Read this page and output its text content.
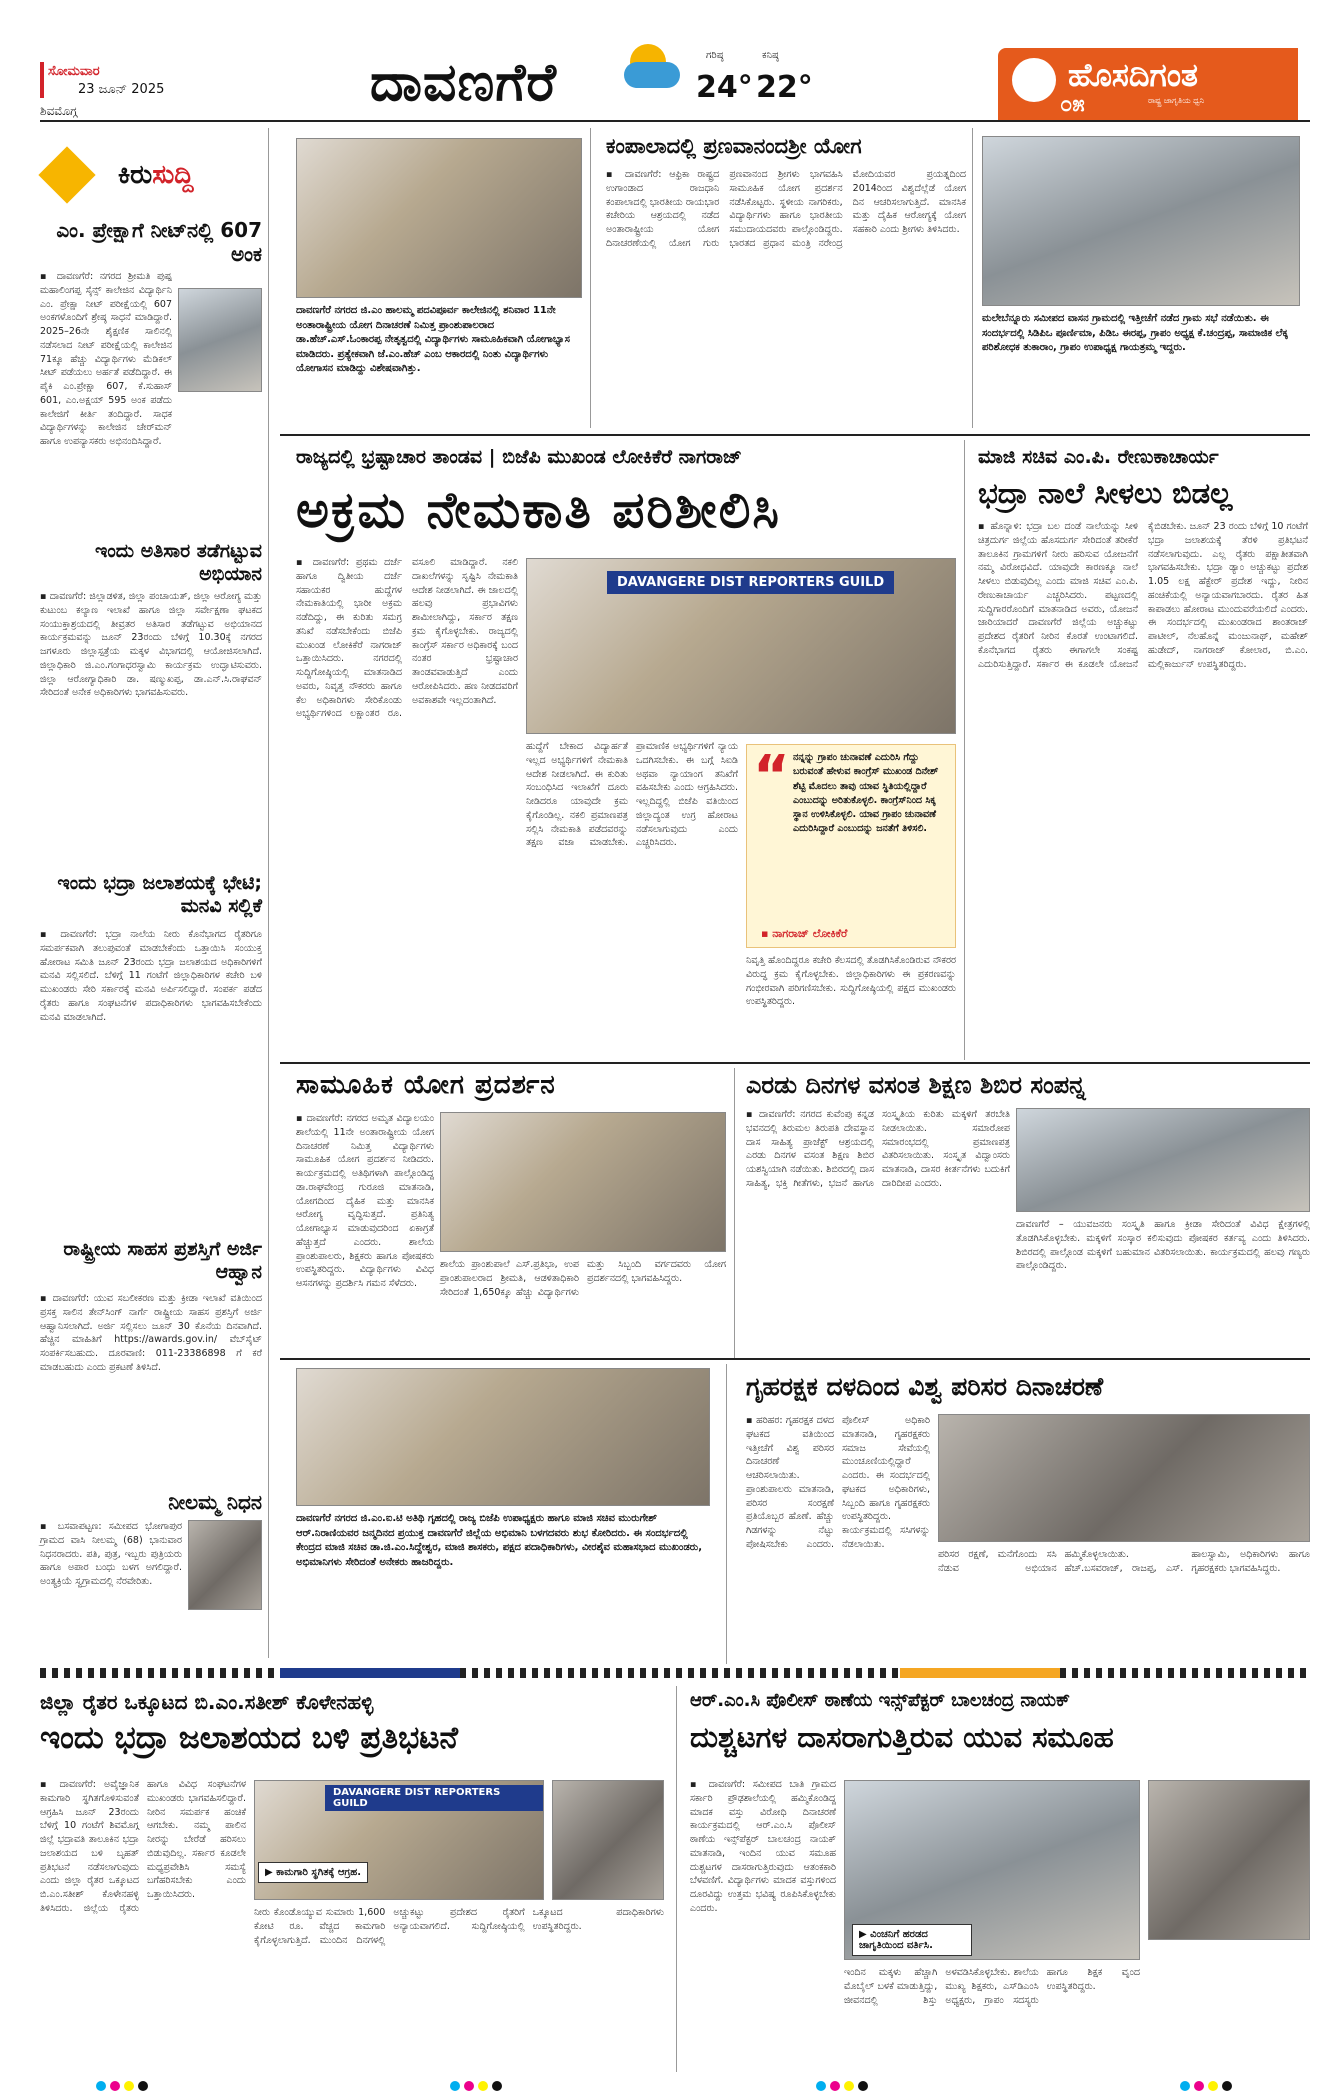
ಸೋಮವಾರ
23 ಜೂನ್ 2025
ಶಿವಮೊಗ್ಗ	ದಾವಣಗೆರೆ	ಗರಿಷ್ಠ
24°
ಕನಿಷ್ಠ
22°	ಹೊಸದಿಗಂತ
೦೫	ರಾಷ್ಟ್ರ ಜಾಗೃತಿಯ ಧ್ವನಿ
ಕಿರುಸುದ್ದಿ
ಎಂ. ಪ್ರೇಕ್ಷಾಗೆ ನೀಟ್‌ನಲ್ಲಿ 607 ಅಂಕ
▪ ದಾವಣಗೆರೆ: ನಗರದ ಶ್ರೀಮತಿ ಪುಷ್ಪ ಮಹಾಲಿಂಗಪ್ಪ ಸೈನ್ಸ್ ಕಾಲೇಜಿನ ವಿದ್ಯಾರ್ಥಿನಿ ಎಂ. ಪ್ರೇಕ್ಷಾ ನೀಟ್ ಪರೀಕ್ಷೆಯಲ್ಲಿ 607 ಅಂಕಗಳೊಂದಿಗೆ ಶ್ರೇಷ್ಠ ಸಾಧನೆ ಮಾಡಿದ್ದಾರೆ. 2025–26ನೇ ಶೈಕ್ಷಣಿಕ ಸಾಲಿನಲ್ಲಿ ನಡೆಸಲಾದ ನೀಟ್ ಪರೀಕ್ಷೆಯಲ್ಲಿ ಕಾಲೇಜಿನ 71ಕ್ಕೂ ಹೆಚ್ಚು ವಿದ್ಯಾರ್ಥಿಗಳು ಮೆಡಿಕಲ್ ಸೀಟ್ ಪಡೆಯಲು ಅರ್ಹತೆ ಪಡೆದಿದ್ದಾರೆ. ಈ ಪೈಕಿ ಎಂ.ಪ್ರೇಕ್ಷಾ 607, ಕೆ.ಸುಹಾಸ್ 601, ಎಂ.ಅಕ್ಷಯ್ 595 ಅಂಕ ಪಡೆದು ಕಾಲೇಜಿಗೆ ಕೀರ್ತಿ ತಂದಿದ್ದಾರೆ. ಸಾಧಕ ವಿದ್ಯಾರ್ಥಿಗಳನ್ನು ಕಾಲೇಜಿನ ಚೇರ್‌ಮನ್ ಹಾಗೂ ಉಪನ್ಯಾಸಕರು ಅಭಿನಂದಿಸಿದ್ದಾರೆ.
ಇಂದು ಅತಿಸಾರ ತಡೆಗಟ್ಟುವ ಅಭಿಯಾನ
▪ ದಾವಣಗೆರೆ: ಜಿಲ್ಲಾಡಳಿತ, ಜಿಲ್ಲಾ ಪಂಚಾಯತ್, ಜಿಲ್ಲಾ ಆರೋಗ್ಯ ಮತ್ತು ಕುಟುಂಬ ಕಲ್ಯಾಣ ಇಲಾಖೆ ಹಾಗೂ ಜಿಲ್ಲಾ ಸರ್ವೇಕ್ಷಣಾ ಘಟಕದ ಸಂಯುಕ್ತಾಶ್ರಯದಲ್ಲಿ ತೀವ್ರತರ ಅತಿಸಾರ ತಡೆಗಟ್ಟುವ ಅಭಿಯಾನದ ಕಾರ್ಯಕ್ರಮವನ್ನು ಜೂನ್ 23ರಂದು ಬೆಳಿಗ್ಗೆ 10.30ಕ್ಕೆ ನಗರದ ಜಗಳೂರು ಜಿಲ್ಲಾಸ್ಪತ್ರೆಯ ಮಕ್ಕಳ ವಿಭಾಗದಲ್ಲಿ ಆಯೋಜಿಸಲಾಗಿದೆ. ಜಿಲ್ಲಾಧಿಕಾರಿ ಜಿ.ಎಂ.ಗಂಗಾಧರಸ್ವಾಮಿ ಕಾರ್ಯಕ್ರಮ ಉದ್ಘಾಟಿಸುವರು. ಜಿಲ್ಲಾ ಆರೋಗ್ಯಾಧಿಕಾರಿ ಡಾ. ಷಣ್ಮುಖಪ್ಪ, ಡಾ.ಎನ್.ಸಿ.ರಾಘವನ್ ಸೇರಿದಂತೆ ಅನೇಕ ಅಧಿಕಾರಿಗಳು ಭಾಗವಹಿಸುವರು.
ಇಂದು ಭದ್ರಾ ಜಲಾಶಯಕ್ಕೆ ಭೇಟಿ; ಮನವಿ ಸಲ್ಲಿಕೆ
▪ ದಾವಣಗೆರೆ: ಭದ್ರಾ ನಾಲೆಯ ನೀರು ಕೊನೆಭಾಗದ ರೈತರಿಗೂ ಸಮರ್ಪಕವಾಗಿ ತಲುಪುವಂತೆ ಮಾಡಬೇಕೆಂದು ಒತ್ತಾಯಿಸಿ ಸಂಯುಕ್ತ ಹೋರಾಟ ಸಮಿತಿ ಜೂನ್ 23ರಂದು ಭದ್ರಾ ಜಲಾಶಯದ ಅಧಿಕಾರಿಗಳಿಗೆ ಮನವಿ ಸಲ್ಲಿಸಲಿದೆ. ಬೆಳಿಗ್ಗೆ 11 ಗಂಟೆಗೆ ಜಿಲ್ಲಾಧಿಕಾರಿಗಳ ಕಚೇರಿ ಬಳಿ ಮುಖಂಡರು ಸೇರಿ ಸರ್ಕಾರಕ್ಕೆ ಮನವಿ ಅರ್ಪಿಸಲಿದ್ದಾರೆ. ಸಂಪರ್ಕ ಪಡೆದ ರೈತರು ಹಾಗೂ ಸಂಘಟನೆಗಳ ಪದಾಧಿಕಾರಿಗಳು ಭಾಗವಹಿಸಬೇಕೆಂದು ಮನವಿ ಮಾಡಲಾಗಿದೆ.
ರಾಷ್ಟ್ರೀಯ ಸಾಹಸ ಪ್ರಶಸ್ತಿಗೆ ಅರ್ಜಿ ಆಹ್ವಾನ
▪ ದಾವಣಗೆರೆ: ಯುವ ಸಬಲೀಕರಣ ಮತ್ತು ಕ್ರೀಡಾ ಇಲಾಖೆ ವತಿಯಿಂದ ಪ್ರಸಕ್ತ ಸಾಲಿನ ತೇನ್‌ಸಿಂಗ್ ನಾರ್ಗೆ ರಾಷ್ಟ್ರೀಯ ಸಾಹಸ ಪ್ರಶಸ್ತಿಗೆ ಅರ್ಜಿ ಆಹ್ವಾನಿಸಲಾಗಿದೆ. ಅರ್ಜಿ ಸಲ್ಲಿಸಲು ಜೂನ್ 30 ಕೊನೆಯ ದಿನವಾಗಿದೆ. ಹೆಚ್ಚಿನ ಮಾಹಿತಿಗೆ https://awards.gov.in/ ವೆಬ್‌ಸೈಟ್ ಸಂಪರ್ಕಿಸಬಹುದು. ದೂರವಾಣಿ: 011-23386898 ಗೆ ಕರೆ ಮಾಡಬಹುದು ಎಂದು ಪ್ರಕಟಣೆ ತಿಳಿಸಿದೆ.
ನೀಲಮ್ಮ ನಿಧನ
▪ ಬಸವಾಪಟ್ಟಣ: ಸಮೀಪದ ಭೋಗಾಪುರ ಗ್ರಾಮದ ವಾಸಿ ನೀಲಮ್ಮ (68) ಭಾನುವಾರ ನಿಧನರಾದರು. ಪತಿ, ಪುತ್ರ, ಇಬ್ಬರು ಪುತ್ರಿಯರು ಹಾಗೂ ಅಪಾರ ಬಂಧು ಬಳಗ ಅಗಲಿದ್ದಾರೆ. ಅಂತ್ಯಕ್ರಿಯೆ ಸ್ವಗ್ರಾಮದಲ್ಲಿ ನೆರವೇರಿತು.
ದಾವಣಗೆರೆ ನಗರದ ಜಿ.ಎಂ ಹಾಲಮ್ಮ ಪದವಿಪೂರ್ವ ಕಾಲೇಜಿನಲ್ಲಿ ಶನಿವಾರ 11ನೇ ಅಂತಾರಾಷ್ಟ್ರೀಯ ಯೋಗ ದಿನಾಚರಣೆ ನಿಮಿತ್ತ ಪ್ರಾಂಶುಪಾಲರಾದ ಡಾ.ಹೆಚ್.ಎಸ್.ಓಂಕಾರಪ್ಪ ನೇತೃತ್ವದಲ್ಲಿ ವಿದ್ಯಾರ್ಥಿಗಳು ಸಾಮೂಹಿಕವಾಗಿ ಯೋಗಾಭ್ಯಾಸ ಮಾಡಿದರು. ಪ್ರತ್ಯೇಕವಾಗಿ ಜೆ.ಎಂ.ಹೆಚ್ ಎಂಬ ಆಕಾರದಲ್ಲಿ ನಿಂತು ವಿದ್ಯಾರ್ಥಿಗಳು ಯೋಗಾಸನ ಮಾಡಿದ್ದು ವಿಶೇಷವಾಗಿತ್ತು.
ಕಂಪಾಲಾದಲ್ಲಿ ಪ್ರಣವಾನಂದಶ್ರೀ ಯೋಗ
▪ ದಾವಣಗೆರೆ: ಆಫ್ರಿಕಾ ರಾಷ್ಟ್ರದ ಉಗಾಂಡಾದ ರಾಜಧಾನಿ ಕಂಪಾಲಾದಲ್ಲಿ ಭಾರತೀಯ ರಾಯಭಾರ ಕಚೇರಿಯ ಆಶ್ರಯದಲ್ಲಿ ನಡೆದ ಅಂತಾರಾಷ್ಟ್ರೀಯ ಯೋಗ ದಿನಾಚರಣೆಯಲ್ಲಿ ಯೋಗ ಗುರು ಪ್ರಣವಾನಂದ ಶ್ರೀಗಳು ಭಾಗವಹಿಸಿ ಸಾಮೂಹಿಕ ಯೋಗ ಪ್ರದರ್ಶನ ನಡೆಸಿಕೊಟ್ಟರು. ಸ್ಥಳೀಯ ನಾಗರಿಕರು, ವಿದ್ಯಾರ್ಥಿಗಳು ಹಾಗೂ ಭಾರತೀಯ ಸಮುದಾಯದವರು ಪಾಲ್ಗೊಂಡಿದ್ದರು. ಭಾರತದ ಪ್ರಧಾನ ಮಂತ್ರಿ ನರೇಂದ್ರ ಮೋದಿಯವರ ಪ್ರಯತ್ನದಿಂದ 2014ರಿಂದ ವಿಶ್ವದೆಲ್ಲೆಡೆ ಯೋಗ ದಿನ ಆಚರಿಸಲಾಗುತ್ತಿದೆ. ಮಾನಸಿಕ ಮತ್ತು ದೈಹಿಕ ಆರೋಗ್ಯಕ್ಕೆ ಯೋಗ ಸಹಕಾರಿ ಎಂದು ಶ್ರೀಗಳು ತಿಳಿಸಿದರು.
ಮಲೇಬೆನ್ನೂರು ಸಮೀಪದ ವಾಸನ ಗ್ರಾಮದಲ್ಲಿ ಇತ್ತೀಚೆಗೆ ನಡೆದ ಗ್ರಾಮ ಸಭೆ ನಡೆಯಿತು. ಈ ಸಂದರ್ಭದಲ್ಲಿ ಸಿಡಿಪಿಒ ಪೂರ್ಣಿಮಾ, ಪಿಡಿಒ ಈರಪ್ಪ, ಗ್ರಾಪಂ ಅಧ್ಯಕ್ಷ ಕೆ.ಚಂದ್ರಪ್ಪ, ಸಾಮಾಜಿಕ ಲೆಕ್ಕ ಪರಿಶೋಧಕ ತುಕಾರಾಂ, ಗ್ರಾಪಂ ಉಪಾಧ್ಯಕ್ಷ ಗಾಯತ್ರಮ್ಮ ಇದ್ದರು.
ರಾಜ್ಯದಲ್ಲಿ ಭ್ರಷ್ಟಾಚಾರ ತಾಂಡವ | ಬಿಜೆಪಿ ಮುಖಂಡ ಲೋಕಿಕೆರೆ ನಾಗರಾಜ್
ಅಕ್ರಮ ನೇಮಕಾತಿ ಪರಿಶೀಲಿಸಿ
▪ ದಾವಣಗೆರೆ: ಪ್ರಥಮ ದರ್ಜೆ ಹಾಗೂ ದ್ವಿತೀಯ ದರ್ಜೆ ಸಹಾಯಕರ ಹುದ್ದೆಗಳ ನೇಮಕಾತಿಯಲ್ಲಿ ಭಾರೀ ಅಕ್ರಮ ನಡೆದಿದ್ದು, ಈ ಕುರಿತು ಸಮಗ್ರ ತನಿಖೆ ನಡೆಸಬೇಕೆಂದು ಬಿಜೆಪಿ ಮುಖಂಡ ಲೋಕಿಕೆರೆ ನಾಗರಾಜ್ ಒತ್ತಾಯಿಸಿದರು. ನಗರದಲ್ಲಿ ಸುದ್ದಿಗೋಷ್ಠಿಯಲ್ಲಿ ಮಾತನಾಡಿದ ಅವರು, ನಿವೃತ್ತ ನೌಕರರು ಹಾಗೂ ಕೆಲ ಅಧಿಕಾರಿಗಳು ಸೇರಿಕೊಂಡು ಅಭ್ಯರ್ಥಿಗಳಿಂದ ಲಕ್ಷಾಂತರ ರೂ. ವಸೂಲಿ ಮಾಡಿದ್ದಾರೆ. ನಕಲಿ ದಾಖಲೆಗಳನ್ನು ಸೃಷ್ಟಿಸಿ ನೇಮಕಾತಿ ಆದೇಶ ನೀಡಲಾಗಿದೆ. ಈ ಜಾಲದಲ್ಲಿ ಹಲವು ಪ್ರಭಾವಿಗಳು ಶಾಮೀಲಾಗಿದ್ದು, ಸರ್ಕಾರ ತಕ್ಷಣ ಕ್ರಮ ಕೈಗೊಳ್ಳಬೇಕು. ರಾಜ್ಯದಲ್ಲಿ ಕಾಂಗ್ರೆಸ್ ಸರ್ಕಾರ ಅಧಿಕಾರಕ್ಕೆ ಬಂದ ನಂತರ ಭ್ರಷ್ಟಾಚಾರ ತಾಂಡವವಾಡುತ್ತಿದೆ ಎಂದು ಆರೋಪಿಸಿದರು. ಹಣ ನೀಡದವರಿಗೆ ಅವಕಾಶವೇ ಇಲ್ಲದಂತಾಗಿದೆ.
DAVANGERE DIST REPORTERS GUILD
ಹುದ್ದೆಗೆ ಬೇಕಾದ ವಿದ್ಯಾರ್ಹತೆ ಇಲ್ಲದ ಅಭ್ಯರ್ಥಿಗಳಿಗೆ ನೇಮಕಾತಿ ಆದೇಶ ನೀಡಲಾಗಿದೆ. ಈ ಕುರಿತು ಸಂಬಂಧಿಸಿದ ಇಲಾಖೆಗೆ ದೂರು ನೀಡಿದರೂ ಯಾವುದೇ ಕ್ರಮ ಕೈಗೊಂಡಿಲ್ಲ. ನಕಲಿ ಪ್ರಮಾಣಪತ್ರ ಸಲ್ಲಿಸಿ ನೇಮಕಾತಿ ಪಡೆದವರನ್ನು ತಕ್ಷಣ ವಜಾ ಮಾಡಬೇಕು. ಪ್ರಾಮಾಣಿಕ ಅಭ್ಯರ್ಥಿಗಳಿಗೆ ನ್ಯಾಯ ಒದಗಿಸಬೇಕು. ಈ ಬಗ್ಗೆ ಸಿಐಡಿ ಅಥವಾ ನ್ಯಾಯಾಂಗ ತನಿಖೆಗೆ ವಹಿಸಬೇಕು ಎಂದು ಆಗ್ರಹಿಸಿದರು. ಇಲ್ಲದಿದ್ದಲ್ಲಿ ಬಿಜೆಪಿ ವತಿಯಿಂದ ಜಿಲ್ಲಾದ್ಯಂತ ಉಗ್ರ ಹೋರಾಟ ನಡೆಸಲಾಗುವುದು ಎಂದು ಎಚ್ಚರಿಸಿದರು.
“ ನನ್ನನ್ನು ಗ್ರಾಪಂ ಚುನಾವಣೆ ಎದುರಿಸಿ ಗೆದ್ದು ಬರುವಂತೆ ಹೇಳುವ ಕಾಂಗ್ರೆಸ್ ಮುಖಂಡ ದಿನೇಶ್ ಶೆಟ್ಟಿ ಮೊದಲು ತಾವು ಯಾವ ಸ್ಥಿತಿಯಲ್ಲಿದ್ದಾರೆ ಎಂಬುದನ್ನು ಅರಿತುಕೊಳ್ಳಲಿ. ಕಾಂಗ್ರೆಸ್‌ನಿಂದ ಸಿಕ್ಕ ಸ್ಥಾನ ಉಳಿಸಿಕೊಳ್ಳಲಿ. ಯಾವ ಗ್ರಾಪಂ ಚುನಾವಣೆ ಎದುರಿಸಿದ್ದಾರೆ ಎಂಬುದನ್ನು ಜನತೆಗೆ ತಿಳಿಸಲಿ.
▪ ನಾಗರಾಜ್ ಲೋಕಿಕೆರೆ
ನಿವೃತ್ತಿ ಹೊಂದಿದ್ದರೂ ಕಚೇರಿ ಕೆಲಸದಲ್ಲಿ ತೊಡಗಿಸಿಕೊಂಡಿರುವ ನೌಕರರ ವಿರುದ್ಧ ಕ್ರಮ ಕೈಗೊಳ್ಳಬೇಕು. ಜಿಲ್ಲಾಧಿಕಾರಿಗಳು ಈ ಪ್ರಕರಣವನ್ನು ಗಂಭೀರವಾಗಿ ಪರಿಗಣಿಸಬೇಕು. ಸುದ್ದಿಗೋಷ್ಠಿಯಲ್ಲಿ ಪಕ್ಷದ ಮುಖಂಡರು ಉಪಸ್ಥಿತರಿದ್ದರು.
ಮಾಜಿ ಸಚಿವ ಎಂ.ಪಿ. ರೇಣುಕಾಚಾರ್ಯ
ಭದ್ರಾ ನಾಲೆ ಸೀಳಲು ಬಿಡಲ್ಲ
▪ ಹೊನ್ನಾಳಿ: ಭದ್ರಾ ಬಲ ದಂಡೆ ನಾಲೆಯನ್ನು ಸೀಳಿ ಚಿತ್ರದುರ್ಗ ಜಿಲ್ಲೆಯ ಹೊಸದುರ್ಗ ಸೇರಿದಂತೆ ತರೀಕೆರೆ ತಾಲೂಕಿನ ಗ್ರಾಮಗಳಿಗೆ ನೀರು ಹರಿಸುವ ಯೋಜನೆಗೆ ನಮ್ಮ ವಿರೋಧವಿದೆ. ಯಾವುದೇ ಕಾರಣಕ್ಕೂ ನಾಲೆ ಸೀಳಲು ಬಿಡುವುದಿಲ್ಲ ಎಂದು ಮಾಜಿ ಸಚಿವ ಎಂ.ಪಿ. ರೇಣುಕಾಚಾರ್ಯ ಎಚ್ಚರಿಸಿದರು. ಪಟ್ಟಣದಲ್ಲಿ ಸುದ್ದಿಗಾರರೊಂದಿಗೆ ಮಾತನಾಡಿದ ಅವರು, ಯೋಜನೆ ಜಾರಿಯಾದರೆ ದಾವಣಗೆರೆ ಜಿಲ್ಲೆಯ ಅಚ್ಚುಕಟ್ಟು ಪ್ರದೇಶದ ರೈತರಿಗೆ ನೀರಿನ ಕೊರತೆ ಉಂಟಾಗಲಿದೆ. ಕೊನೆಭಾಗದ ರೈತರು ಈಗಾಗಲೇ ಸಂಕಷ್ಟ ಎದುರಿಸುತ್ತಿದ್ದಾರೆ. ಸರ್ಕಾರ ಈ ಕೂಡಲೇ ಯೋಜನೆ ಕೈಬಿಡಬೇಕು. ಜೂನ್ 23 ರಂದು ಬೆಳಿಗ್ಗೆ 10 ಗಂಟೆಗೆ ಭದ್ರಾ ಜಲಾಶಯಕ್ಕೆ ತೆರಳಿ ಪ್ರತಿಭಟನೆ ನಡೆಸಲಾಗುವುದು. ಎಲ್ಲ ರೈತರು ಪಕ್ಷಾತೀತವಾಗಿ ಭಾಗವಹಿಸಬೇಕು. ಭದ್ರಾ ಡ್ಯಾಂ ಅಚ್ಚುಕಟ್ಟು ಪ್ರದೇಶ 1.05 ಲಕ್ಷ ಹೆಕ್ಟೇರ್ ಪ್ರದೇಶ ಇದ್ದು, ನೀರಿನ ಹಂಚಿಕೆಯಲ್ಲಿ ಅನ್ಯಾಯವಾಗಬಾರದು. ರೈತರ ಹಿತ ಕಾಪಾಡಲು ಹೋರಾಟ ಮುಂದುವರೆಯಲಿದೆ ಎಂದರು. ಈ ಸಂದರ್ಭದಲ್ಲಿ ಮುಖಂಡರಾದ ಶಾಂತರಾಜ್ ಪಾಟೀಲ್, ನೆಲಹೊನ್ನೆ ಮಂಜುನಾಥ್, ಮಹೇಶ್ ಹುಡೇದ್, ನಾಗರಾಜ್ ಕೋಲಾರ, ಬಿ.ಎಂ. ಮಲ್ಲಿಕಾರ್ಜುನ್ ಉಪಸ್ಥಿತರಿದ್ದರು.
ಸಾಮೂಹಿಕ ಯೋಗ ಪ್ರದರ್ಶನ
▪ ದಾವಣಗೆರೆ: ನಗರದ ಅಮೃತ ವಿದ್ಯಾಲಯಂ ಶಾಲೆಯಲ್ಲಿ 11ನೇ ಅಂತಾರಾಷ್ಟ್ರೀಯ ಯೋಗ ದಿನಾಚರಣೆ ನಿಮಿತ್ತ ವಿದ್ಯಾರ್ಥಿಗಳು ಸಾಮೂಹಿಕ ಯೋಗ ಪ್ರದರ್ಶನ ನೀಡಿದರು. ಕಾರ್ಯಕ್ರಮದಲ್ಲಿ ಅತಿಥಿಗಳಾಗಿ ಪಾಲ್ಗೊಂಡಿದ್ದ ಡಾ.ರಾಘವೇಂದ್ರ ಗುರೂಜಿ ಮಾತನಾಡಿ, ಯೋಗದಿಂದ ದೈಹಿಕ ಮತ್ತು ಮಾನಸಿಕ ಆರೋಗ್ಯ ವೃದ್ಧಿಸುತ್ತದೆ. ಪ್ರತಿನಿತ್ಯ ಯೋಗಾಭ್ಯಾಸ ಮಾಡುವುದರಿಂದ ಏಕಾಗ್ರತೆ ಹೆಚ್ಚುತ್ತದೆ ಎಂದರು. ಶಾಲೆಯ ಪ್ರಾಂಶುಪಾಲರು, ಶಿಕ್ಷಕರು ಹಾಗೂ ಪೋಷಕರು ಉಪಸ್ಥಿತರಿದ್ದರು. ವಿದ್ಯಾರ್ಥಿಗಳು ವಿವಿಧ ಆಸನಗಳನ್ನು ಪ್ರದರ್ಶಿಸಿ ಗಮನ ಸೆಳೆದರು.
ಶಾಲೆಯ ಪ್ರಾಂಶುಪಾಲೆ ಎಸ್.ಪ್ರತಿಭಾ, ಉಪ ಪ್ರಾಂಶುಪಾಲರಾದ ಶ್ರೀಮತಿ, ಆಡಳಿತಾಧಿಕಾರಿ ಸೇರಿದಂತೆ 1,650ಕ್ಕೂ ಹೆಚ್ಚು ವಿದ್ಯಾರ್ಥಿಗಳು ಮತ್ತು ಸಿಬ್ಬಂದಿ ವರ್ಗದವರು ಯೋಗ ಪ್ರದರ್ಶನದಲ್ಲಿ ಭಾಗವಹಿಸಿದ್ದರು.
ಎರಡು ದಿನಗಳ ವಸಂತ ಶಿಕ್ಷಣ ಶಿಬಿರ ಸಂಪನ್ನ
▪ ದಾವಣಗೆರೆ: ನಗರದ ಕುವೆಂಪು ಕನ್ನಡ ಭವನದಲ್ಲಿ ತಿರುಮಲ ತಿರುಪತಿ ದೇವಸ್ಥಾನ ದಾಸ ಸಾಹಿತ್ಯ ಪ್ರಾಜೆಕ್ಟ್ ಆಶ್ರಯದಲ್ಲಿ ಎರಡು ದಿನಗಳ ವಸಂತ ಶಿಕ್ಷಣ ಶಿಬಿರ ಯಶಸ್ವಿಯಾಗಿ ನಡೆಯಿತು. ಶಿಬಿರದಲ್ಲಿ ದಾಸ ಸಾಹಿತ್ಯ, ಭಕ್ತಿ ಗೀತೆಗಳು, ಭಜನೆ ಹಾಗೂ ಸಂಸ್ಕೃತಿಯ ಕುರಿತು ಮಕ್ಕಳಿಗೆ ತರಬೇತಿ ನೀಡಲಾಯಿತು. ಸಮಾರೋಪ ಸಮಾರಂಭದಲ್ಲಿ ಪ್ರಮಾಣಪತ್ರ ವಿತರಿಸಲಾಯಿತು. ಸಂಸ್ಕೃತ ವಿದ್ವಾಂಸರು ಮಾತನಾಡಿ, ದಾಸರ ಕೀರ್ತನೆಗಳು ಬದುಕಿಗೆ ದಾರಿದೀಪ ಎಂದರು.
ದಾವಣಗೆರೆ – ಯುವಜನರು ಸಂಸ್ಕೃತಿ ಹಾಗೂ ಕ್ರೀಡಾ ಸೇರಿದಂತೆ ವಿವಿಧ ಕ್ಷೇತ್ರಗಳಲ್ಲಿ ತೊಡಗಿಸಿಕೊಳ್ಳಬೇಕು. ಮಕ್ಕಳಿಗೆ ಸಂಸ್ಕಾರ ಕಲಿಸುವುದು ಪೋಷಕರ ಕರ್ತವ್ಯ ಎಂದು ತಿಳಿಸಿದರು. ಶಿಬಿರದಲ್ಲಿ ಪಾಲ್ಗೊಂಡ ಮಕ್ಕಳಿಗೆ ಬಹುಮಾನ ವಿತರಿಸಲಾಯಿತು. ಕಾರ್ಯಕ್ರಮದಲ್ಲಿ ಹಲವು ಗಣ್ಯರು ಪಾಲ್ಗೊಂಡಿದ್ದರು.
ದಾವಣಗೆರೆ ನಗರದ ಜಿ.ಎಂ.ಐ.ಟಿ ಅತಿಥಿ ಗೃಹದಲ್ಲಿ ರಾಜ್ಯ ಬಿಜೆಪಿ ಉಪಾಧ್ಯಕ್ಷರು ಹಾಗೂ ಮಾಜಿ ಸಚಿವ ಮುರುಗೇಶ್ ಆರ್.ನಿರಾಣಿಯವರ ಜನ್ಮದಿನದ ಪ್ರಯುಕ್ತ ದಾವಣಗೆರೆ ಜಿಲ್ಲೆಯ ಅಭಿಮಾನಿ ಬಳಗದವರು ಶುಭ ಕೋರಿದರು. ಈ ಸಂದರ್ಭದಲ್ಲಿ ಕೇಂದ್ರದ ಮಾಜಿ ಸಚಿವ ಡಾ.ಜಿ.ಎಂ.ಸಿದ್ದೇಶ್ವರ, ಮಾಜಿ ಶಾಸಕರು, ಪಕ್ಷದ ಪದಾಧಿಕಾರಿಗಳು, ವೀರಶೈವ ಮಹಾಸಭಾದ ಮುಖಂಡರು, ಅಭಿಮಾನಿಗಳು ಸೇರಿದಂತೆ ಅನೇಕರು ಹಾಜರಿದ್ದರು.
ಗೃಹರಕ್ಷಕ ದಳದಿಂದ ವಿಶ್ವ ಪರಿಸರ ದಿನಾಚರಣೆ
▪ ಹರಿಹರ: ಗೃಹರಕ್ಷಕ ದಳದ ಘಟಕದ ವತಿಯಿಂದ ಇತ್ತೀಚೆಗೆ ವಿಶ್ವ ಪರಿಸರ ದಿನಾಚರಣೆ ಆಚರಿಸಲಾಯಿತು. ಪ್ರಾಂಶುಪಾಲರು ಮಾತನಾಡಿ, ಪರಿಸರ ಸಂರಕ್ಷಣೆ ಪ್ರತಿಯೊಬ್ಬರ ಹೊಣೆ. ಹೆಚ್ಚು ಗಿಡಗಳನ್ನು ನೆಟ್ಟು ಪೋಷಿಸಬೇಕು ಎಂದರು. ಪೊಲೀಸ್ ಅಧಿಕಾರಿ ಮಾತನಾಡಿ, ಗೃಹರಕ್ಷಕರು ಸಮಾಜ ಸೇವೆಯಲ್ಲಿ ಮುಂಚೂಣಿಯಲ್ಲಿದ್ದಾರೆ ಎಂದರು. ಈ ಸಂದರ್ಭದಲ್ಲಿ ಘಟಕದ ಅಧಿಕಾರಿಗಳು, ಸಿಬ್ಬಂದಿ ಹಾಗೂ ಗೃಹರಕ್ಷಕರು ಉಪಸ್ಥಿತರಿದ್ದರು. ಕಾರ್ಯಕ್ರಮದಲ್ಲಿ ಸಸಿಗಳನ್ನು ನೆಡಲಾಯಿತು.
ಪರಿಸರ ರಕ್ಷಣೆ, ಮನೆಗೊಂದು ಸಸಿ ನೆಡುವ ಅಭಿಯಾನ ಹಮ್ಮಿಕೊಳ್ಳಲಾಯಿತು. ಹೆಚ್.ಬಸವರಾಜ್, ರಾಜಪ್ಪ, ಎಸ್. ಹಾಲಸ್ವಾಮಿ, ಅಧಿಕಾರಿಗಳು ಹಾಗೂ ಗೃಹರಕ್ಷಕರು ಭಾಗವಹಿಸಿದ್ದರು.
ಜಿಲ್ಲಾ ರೈತರ ಒಕ್ಕೂಟದ ಬಿ.ಎಂ.ಸತೀಶ್ ಕೊಳೇನಹಳ್ಳಿ
ಇಂದು ಭದ್ರಾ ಜಲಾಶಯದ ಬಳಿ ಪ್ರತಿಭಟನೆ
▪ ದಾವಣಗೆರೆ: ಅವೈಜ್ಞಾನಿಕ ಕಾಮಗಾರಿ ಸ್ಥಗಿತಗೊಳಿಸುವಂತೆ ಆಗ್ರಹಿಸಿ ಜೂನ್ 23ರಂದು ಬೆಳಿಗ್ಗೆ 10 ಗಂಟೆಗೆ ಶಿವಮೊಗ್ಗ ಜಿಲ್ಲೆ ಭದ್ರಾವತಿ ತಾಲೂಕಿನ ಭದ್ರಾ ಜಲಾಶಯದ ಬಳಿ ಬೃಹತ್ ಪ್ರತಿಭಟನೆ ನಡೆಸಲಾಗುವುದು ಎಂದು ಜಿಲ್ಲಾ ರೈತರ ಒಕ್ಕೂಟದ ಬಿ.ಎಂ.ಸತೀಶ್ ಕೊಳೇನಹಳ್ಳಿ ತಿಳಿಸಿದರು. ಜಿಲ್ಲೆಯ ರೈತರು ಹಾಗೂ ವಿವಿಧ ಸಂಘಟನೆಗಳ ಮುಖಂಡರು ಭಾಗವಹಿಸಲಿದ್ದಾರೆ. ನೀರಿನ ಸಮರ್ಪಕ ಹಂಚಿಕೆ ಆಗಬೇಕು. ನಮ್ಮ ಪಾಲಿನ ನೀರನ್ನು ಬೇರೆಡೆ ಹರಿಸಲು ಬಿಡುವುದಿಲ್ಲ. ಸರ್ಕಾರ ಕೂಡಲೇ ಮಧ್ಯಪ್ರವೇಶಿಸಿ ಸಮಸ್ಯೆ ಬಗೆಹರಿಸಬೇಕು ಎಂದು ಒತ್ತಾಯಿಸಿದರು.
DAVANGERE DIST REPORTERS GUILD
▶ ಕಾಮಗಾರಿ ಸ್ಥಗಿತಕ್ಕೆ ಆಗ್ರಹ.
ನೀರು ಕೊಂಡೊಯ್ಯುವ ಸುಮಾರು 1,600 ಕೋಟಿ ರೂ. ವೆಚ್ಚದ ಕಾಮಗಾರಿ ಕೈಗೊಳ್ಳಲಾಗುತ್ತಿದೆ. ಮುಂದಿನ ದಿನಗಳಲ್ಲಿ ಅಚ್ಚುಕಟ್ಟು ಪ್ರದೇಶದ ರೈತರಿಗೆ ಅನ್ಯಾಯವಾಗಲಿದೆ. ಸುದ್ದಿಗೋಷ್ಠಿಯಲ್ಲಿ ಒಕ್ಕೂಟದ ಪದಾಧಿಕಾರಿಗಳು ಉಪಸ್ಥಿತರಿದ್ದರು.
ಆರ್.ಎಂ.ಸಿ ಪೊಲೀಸ್ ಠಾಣೆಯ ಇನ್ಸ್‌ಪೆಕ್ಟರ್ ಬಾಲಚಂದ್ರ ನಾಯಕ್
ದುಶ್ಚಟಗಳ ದಾಸರಾಗುತ್ತಿರುವ ಯುವ ಸಮೂಹ
▪ ದಾವಣಗೆರೆ: ಸಮೀಪದ ಬಾತಿ ಗ್ರಾಮದ ಸರ್ಕಾರಿ ಪ್ರೌಢಶಾಲೆಯಲ್ಲಿ ಹಮ್ಮಿಕೊಂಡಿದ್ದ ಮಾದಕ ವಸ್ತು ವಿರೋಧಿ ದಿನಾಚರಣೆ ಕಾರ್ಯಕ್ರಮದಲ್ಲಿ ಆರ್.ಎಂ.ಸಿ ಪೊಲೀಸ್ ಠಾಣೆಯ ಇನ್ಸ್‌ಪೆಕ್ಟರ್ ಬಾಲಚಂದ್ರ ನಾಯಕ್ ಮಾತನಾಡಿ, ಇಂದಿನ ಯುವ ಸಮೂಹ ದುಶ್ಚಟಗಳ ದಾಸರಾಗುತ್ತಿರುವುದು ಆತಂಕಕಾರಿ ಬೆಳವಣಿಗೆ. ವಿದ್ಯಾರ್ಥಿಗಳು ಮಾದಕ ವಸ್ತುಗಳಿಂದ ದೂರವಿದ್ದು ಉತ್ತಮ ಭವಿಷ್ಯ ರೂಪಿಸಿಕೊಳ್ಳಬೇಕು ಎಂದರು.
▶ ವಿಂಚನಿಗೆ ಹರಡದ ಜಾಗೃತಿಯಿಂದ ವರ್ತಿಸಿ.
ಇಂದಿನ ಮಕ್ಕಳು ಹೆಚ್ಚಾಗಿ ಮೊಬೈಲ್ ಬಳಕೆ ಮಾಡುತ್ತಿದ್ದು, ಜೀವನದಲ್ಲಿ ಶಿಸ್ತು ಅಳವಡಿಸಿಕೊಳ್ಳಬೇಕು. ಶಾಲೆಯ ಮುಖ್ಯ ಶಿಕ್ಷಕರು, ಎಸ್‌ಡಿಎಂಸಿ ಅಧ್ಯಕ್ಷರು, ಗ್ರಾಪಂ ಸದಸ್ಯರು ಹಾಗೂ ಶಿಕ್ಷಕ ವೃಂದ ಉಪಸ್ಥಿತರಿದ್ದರು.
